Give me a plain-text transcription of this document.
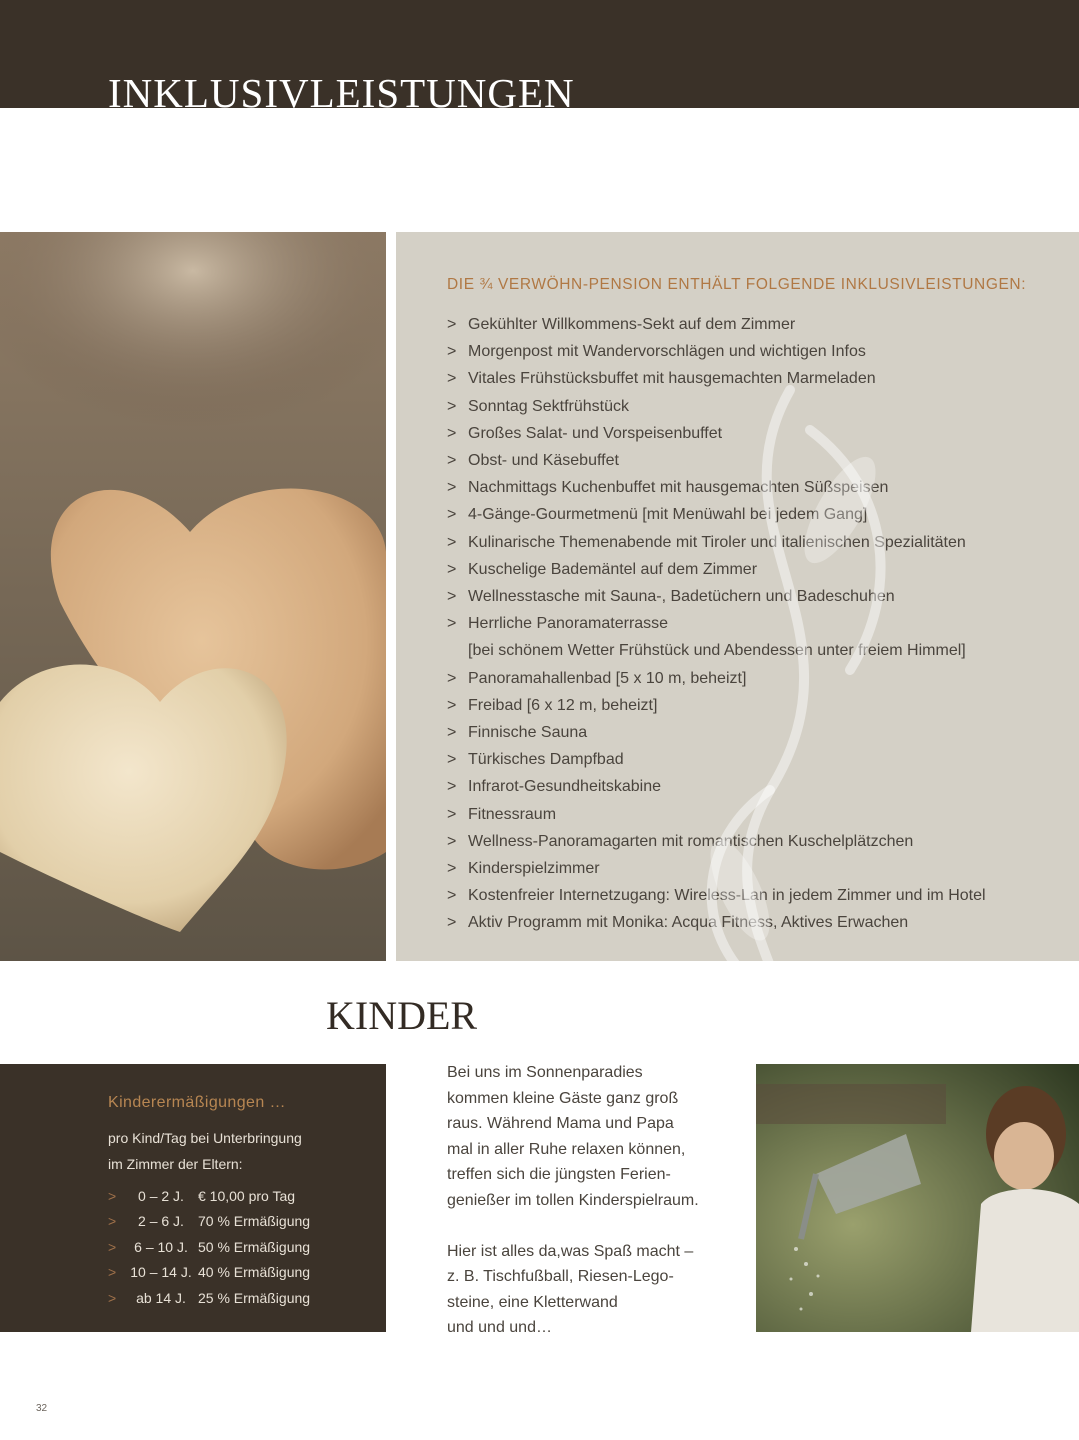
INKLUSIVLEISTUNGEN
DIE ¾ VERWÖHN-PENSION ENTHÄLT FOLGENDE INKLUSIVLEISTUNGEN:
> Gekühlter Willkommens-Sekt auf dem Zimmer
> Morgenpost mit Wandervorschlägen und wichtigen Infos
> Vitales Frühstücksbuffet mit hausgemachten Marmeladen
> Sonntag Sektfrühstück
> Großes Salat- und Vorspeisenbuffet
> Obst- und Käsebuffet
> Nachmittags Kuchenbuffet mit hausgemachten Süßspeisen
> 4-Gänge-Gourmetmenü [mit Menüwahl bei jedem Gang]
> Kulinarische Themenabende mit Tiroler und italienischen Spezialitäten
> Kuschelige Bademäntel auf dem Zimmer
> Wellnesstasche mit Sauna-, Badetüchern und Badeschuhen
> Herrliche Panoramaterrasse
[bei schönem Wetter Frühstück und Abendessen unter freiem Himmel]
> Panoramahallenbad [5 x 10 m, beheizt]
> Freibad [6 x 12 m, beheizt]
> Finnische Sauna
> Türkisches Dampfbad
> Infrarot-Gesundheitskabine
> Fitnessraum
> Wellness-Panoramagarten mit romantischen Kuschelplätzchen
> Kinderspielzimmer
> Kostenfreier Internetzugang: Wireless-Lan in jedem Zimmer und im Hotel
> Aktiv Programm mit Monika: Acqua Fitness, Aktives Erwachen
KINDER
Kinderermäßigungen …
pro Kind/Tag bei Unterbringung
im Zimmer der Eltern:
>	0 – 2 J.	€ 10,00 pro Tag
>	2 – 6 J.	70 % Ermäßigung
>	6 – 10 J. 50 % Ermäßigung
>	10 – 14 J. 40 % Ermäßigung
>	ab 14 J. 25 % Ermäßigung

Bei uns im Sonnenparadies
kommen kleine Gäste ganz groß
raus. Während Mama und Papa
mal in aller Ruhe relaxen können,
treffen sich die jüngsten Ferien-
genießer im tollen Kinderspielraum.

Hier ist alles da,was Spaß macht –
z. B. Tischfußball, Riesen-Lego-
steine, eine Kletterwand
und und und…

32
